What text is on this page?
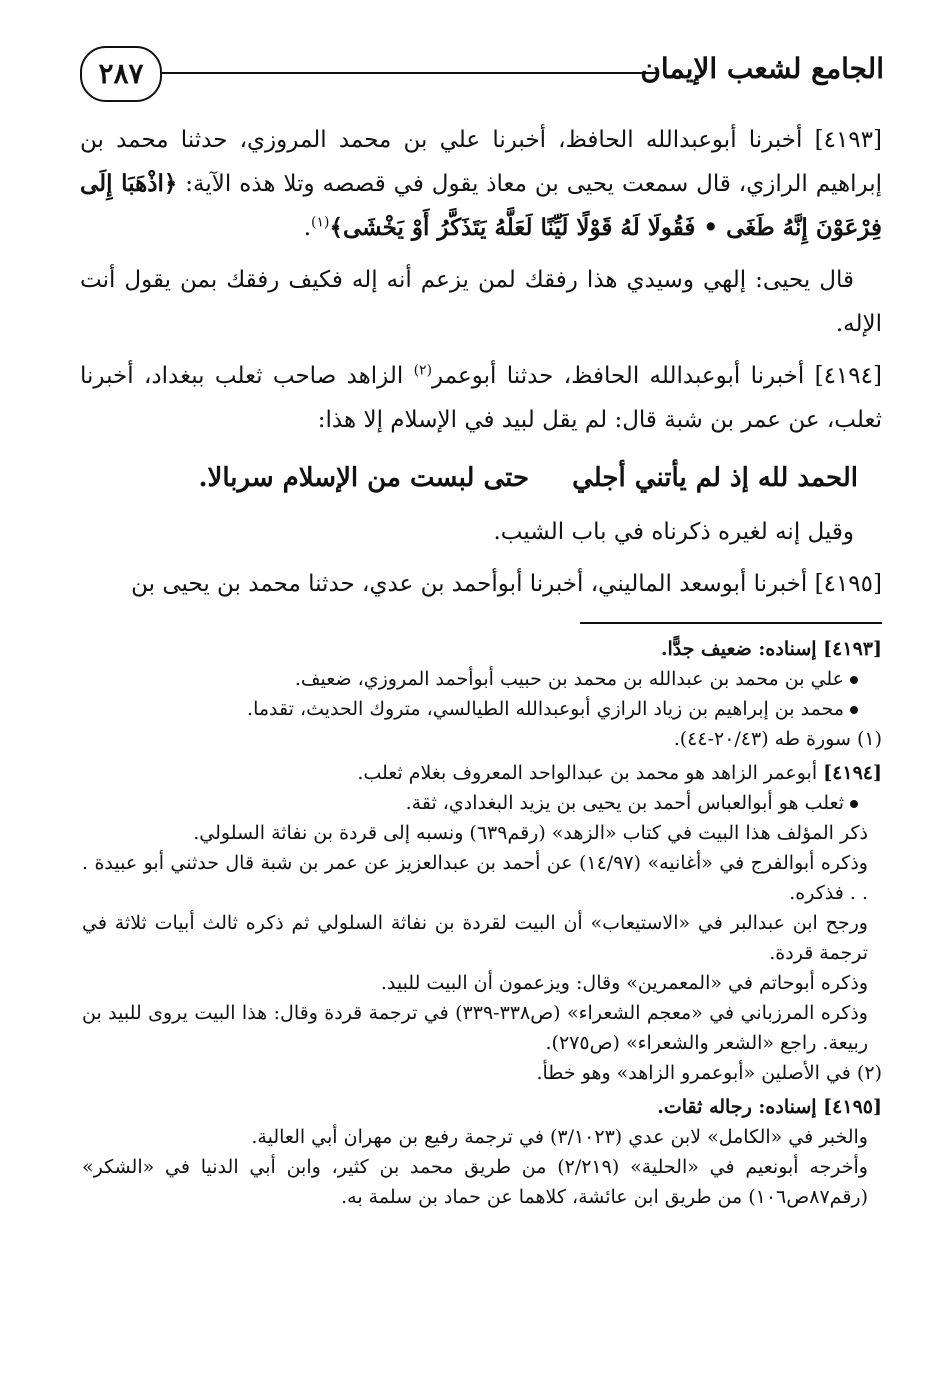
الجامع لشعب الإيمان
٢٨٧

[٤١٩٣] أخبرنا أبوعبدالله الحافظ، أخبرنا علي بن محمد المروزي، حدثنا محمد بن إبراهيم الرازي، قال سمعت يحيى بن معاذ يقول في قصصه وتلا هذه الآية: ﴿اذْهَبَا إِلَى فِرْعَوْنَ إِنَّهُ طَغَى • فَقُولَا لَهُ قَوْلًا لَيِّنًا لَعَلَّهُ يَتَذَكَّرُ أَوْ يَخْشَى﴾$^{(١)}$.

قال يحيى: إلهي وسيدي هذا رفقك لمن يزعم أنه إله فكيف رفقك بمن يقول أنت الإله.

[٤١٩٤] أخبرنا أبوعبدالله الحافظ، حدثنا أبوعمر$^{(٢)}$ الزاهد صاحب ثعلب ببغداد، أخبرنا ثعلب، عن عمر بن شبة قال: لم يقل لبيد في الإسلام إلا هذا:

الحمد لله إذ لم يأتني أجلي حتى لبست من الإسلام سربالا.

وقيل إنه لغيره ذكرناه في باب الشيب.

[٤١٩٥] أخبرنا أبوسعد الماليني، أخبرنا أبوأحمد بن عدي، حدثنا محمد بن يحيى بن

[٤١٩٣] إسناده: ضعيف جدًّا.

علي بن محمد بن عبدالله بن محمد بن حبيب أبوأحمد المروزي، ضعيف.

محمد بن إبراهيم بن زياد الرازي أبوعبدالله الطيالسي، متروك الحديث، تقدما.

(١) سورة طه (٢٠/٤٣-٤٤).

[٤١٩٤] أبوعمر الزاهد هو محمد بن عبدالواحد المعروف بغلام ثعلب.

ثعلب هو أبوالعباس أحمد بن يحيى بن يزيد البغدادي، ثقة.

ذكر المؤلف هذا البيت في كتاب «الزهد» (رقم٦٣٩) ونسبه إلى قردة بن نفاثة السلولي.

وذكره أبوالفرج في «أغانيه» (١٤/٩٧) عن أحمد بن عبدالعزيز عن عمر بن شبة قال حدثني أبو عبيدة . . . فذكره.

ورجح ابن عبدالبر في «الاستيعاب» أن البيت لقردة بن نفاثة السلولي ثم ذكره ثالث أبيات ثلاثة في ترجمة قردة.

وذكره أبوحاتم في «المعمرين» وقال: ويزعمون أن البيت للبيد.

وذكره المرزباني في «معجم الشعراء» (ص٣٣٨-٣٣٩) في ترجمة قردة وقال: هذا البيت يروى للبيد بن ربيعة. راجع «الشعر والشعراء» (ص٢٧٥).

(٢) في الأصلين «أبوعمرو الزاهد» وهو خطأ.

[٤١٩٥] إسناده: رجاله ثقات.

والخبر في «الكامل» لابن عدي (٣/١٠٢٣) في ترجمة رفيع بن مهران أبي العالية.

وأخرجه أبونعيم في «الحلية» (٢/٢١٩) من طريق محمد بن كثير، وابن أبي الدنيا في «الشكر» (رقم٨٧ص١٠٦) من طريق ابن عائشة، كلاهما عن حماد بن سلمة به.
